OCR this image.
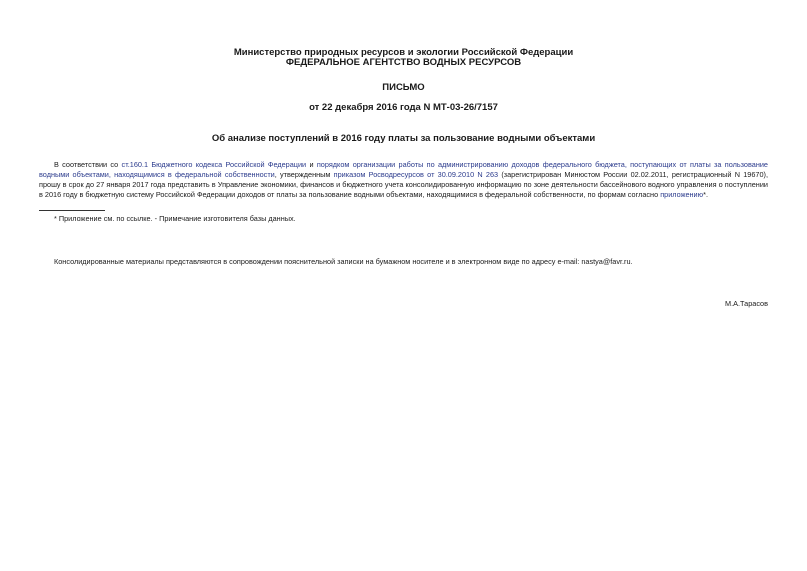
Министерство природных ресурсов и экологии Российской Федерации
ФЕДЕРАЛЬНОЕ АГЕНТСТВО ВОДНЫХ РЕСУРСОВ
ПИСЬМО
от 22 декабря 2016 года N МТ-03-26/7157
Об анализе поступлений в 2016 году платы за пользование водными объектами

В соответствии со ст.160.1 Бюджетного кодекса Российской Федерации и порядком организации работы по администрированию доходов федерального бюджета, поступающих от платы за пользование водными объектами, находящимися в федеральной собственности, утвержденным приказом Росводресурсов от 30.09.2010 N 263 (зарегистрирован Минюстом России 02.02.2011, регистрационный N 19670), прошу в срок до 27 января 2017 года представить в Управление экономики, финансов и бюджетного учета консолидированную информацию по зоне деятельности бассейнового водного управления о поступлении в 2016 году в бюджетную систему Российской Федерации доходов от платы за пользование водными объектами, находящимися в федеральной собственности, по формам согласно приложению*.

* Приложение см. по ссылке. - Примечание изготовителя базы данных.

Консолидированные материалы представляются в сопровождении пояснительной записки на бумажном носителе и в электронном виде по адресу e-mail: nastya@favr.ru.

М.А.Тарасов
